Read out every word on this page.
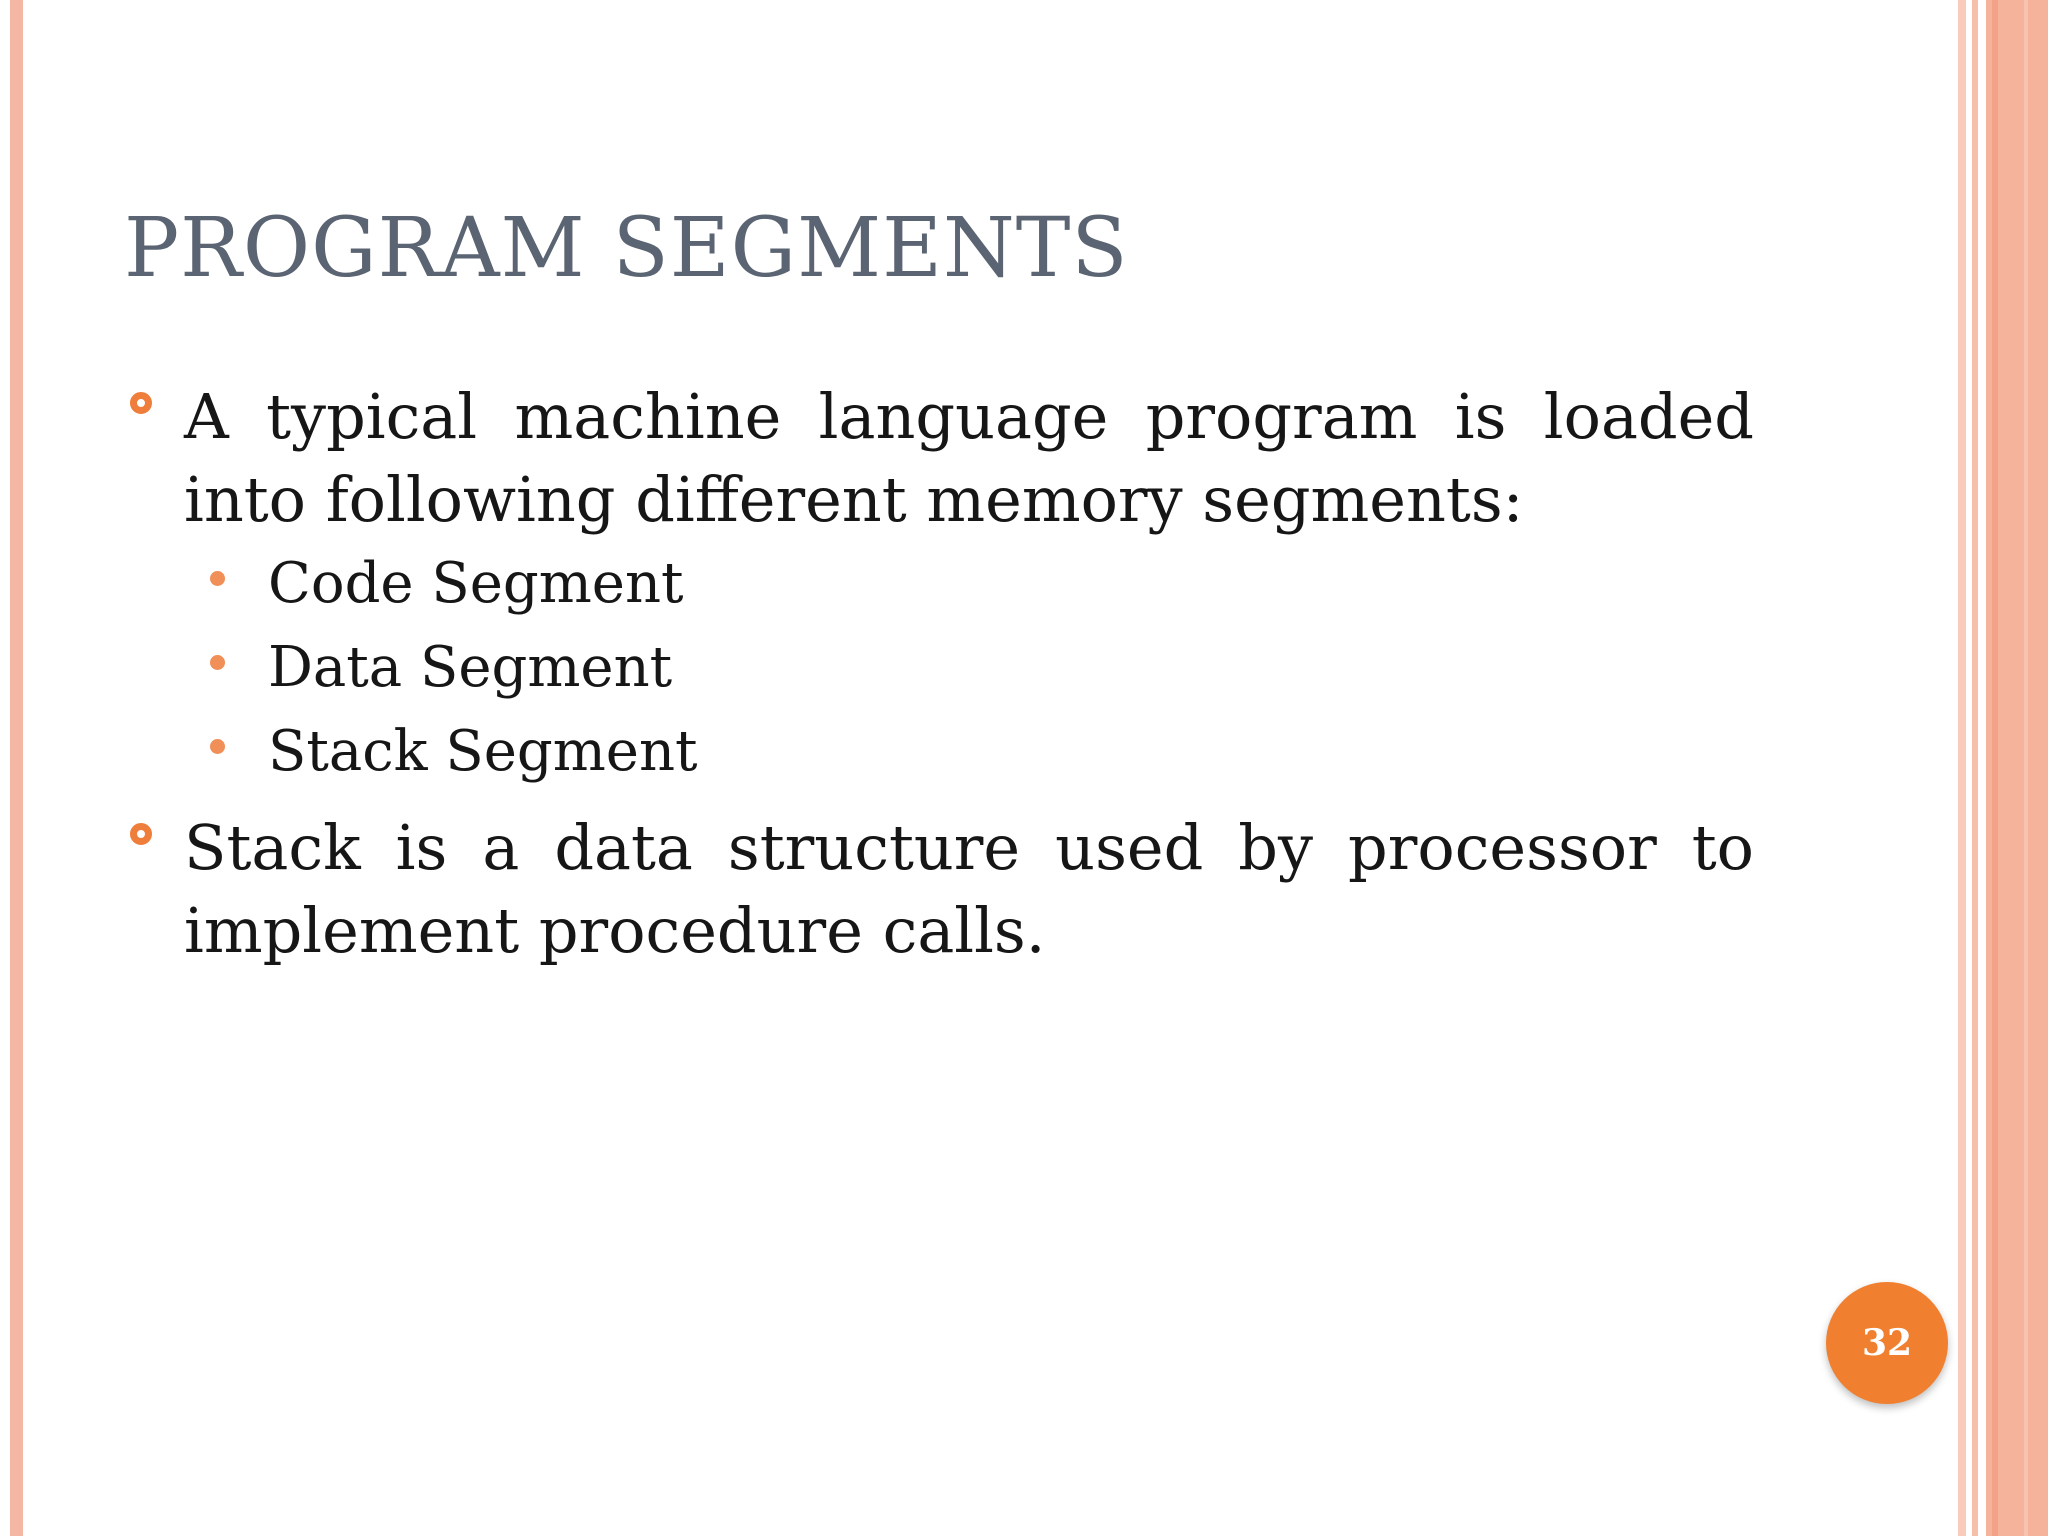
PROGRAM SEGMENTS
A typical machine language program is loaded into following different memory segments:
Code Segment
Data Segment
Stack Segment
Stack is a data structure used by processor to implement procedure calls.
32
